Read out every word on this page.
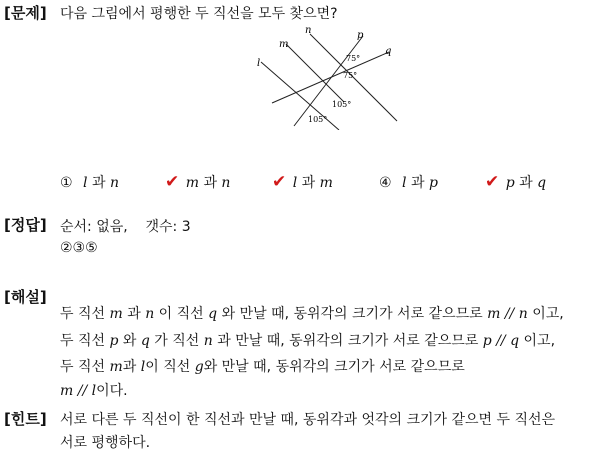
[문제] 다음 그림에서 평행한 두 직선을 모두 찾으면?
n
m
p
l
q
75°
75°
105°
105°
① l 과 n	✔ m 과 n ✔ l 과 m	④ l 과 p	✔ p 과 q
[정답] 순서: 없음,    갯수: 3
②③⑤
[해설]

두 직선 m 과 n 이 직선 q 와 만날 때, 동위각의 크기가 서로 같으므로 m // n 이고,

두 직선 p 와 q 가 직선 n 과 만날 때, 동위각의 크기가 서로 같으므로 p // q 이고,

두 직선 m과 l이 직선 g와 만날 때, 동위각의 크기가 서로 같으므로

m // l이다.

[힌트] 서로 다른 두 직선이 한 직선과 만날 때, 동위각과 엇각의 크기가 같으면 두 직선은
서로 평행하다.
